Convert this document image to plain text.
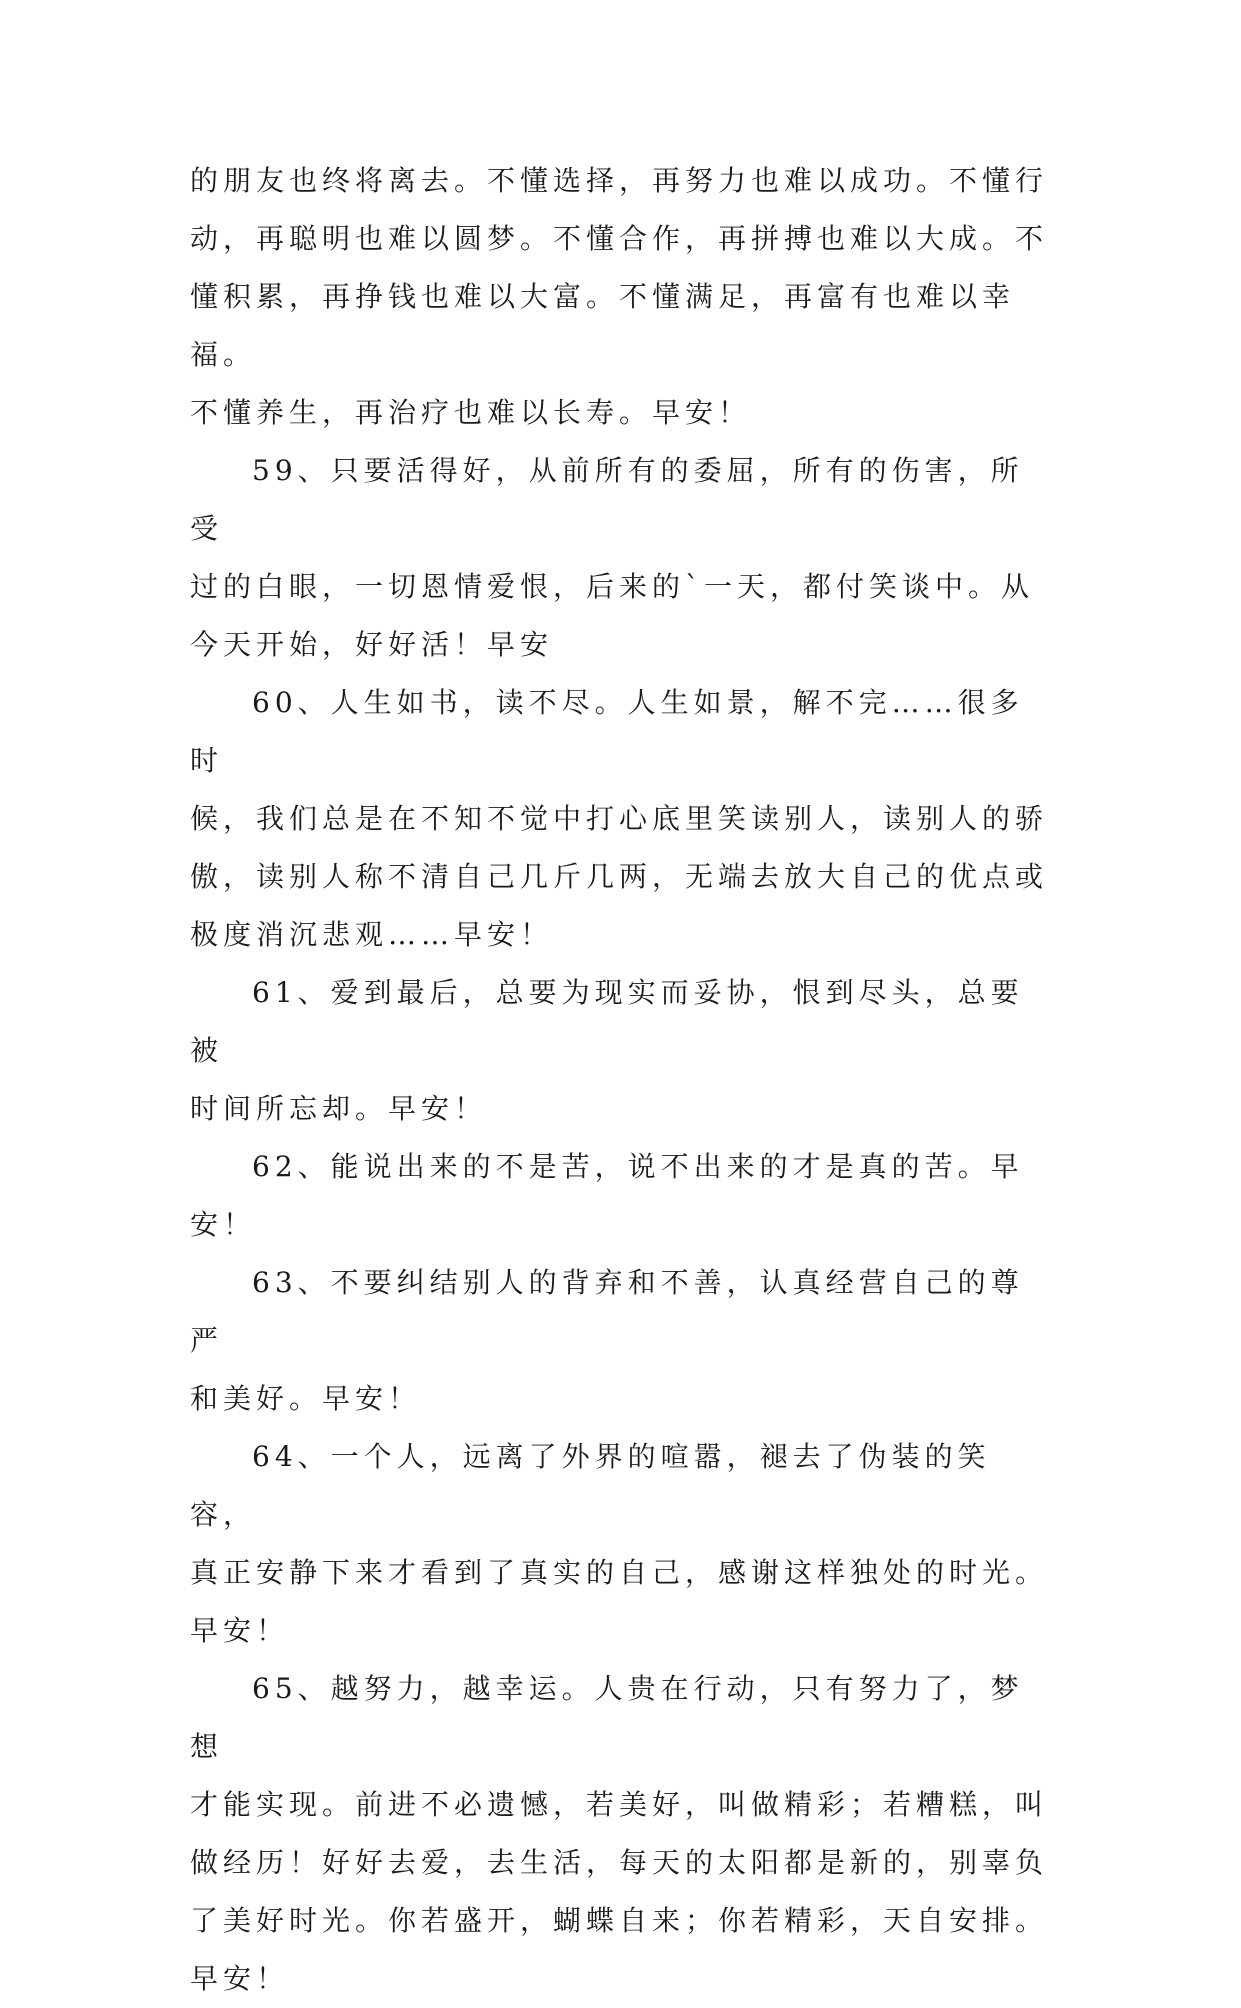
的朋友也终将离去。不懂选择，再努力也难以成功。不懂行
动，再聪明也难以圆梦。不懂合作，再拼搏也难以大成。不
懂积累，再挣钱也难以大富。不懂满足，再富有也难以幸福。
不懂养生，再治疗也难以长寿。早安！
59、只要活得好，从前所有的委屈，所有的伤害，所受
过的白眼，一切恩情爱恨，后来的`一天，都付笑谈中。从
今天开始，好好活！早安
60、人生如书，读不尽。人生如景，解不完……很多时
候，我们总是在不知不觉中打心底里笑读别人，读别人的骄
傲，读别人称不清自己几斤几两，无端去放大自己的优点或
极度消沉悲观……早安！
61、爱到最后，总要为现实而妥协，恨到尽头，总要被
时间所忘却。早安！
62、能说出来的不是苦，说不出来的才是真的苦。早安！
63、不要纠结别人的背弃和不善，认真经营自己的尊严
和美好。早安！
64、一个人，远离了外界的喧嚣，褪去了伪装的笑容，
真正安静下来才看到了真实的自己，感谢这样独处的时光。
早安！
65、越努力，越幸运。人贵在行动，只有努力了，梦想
才能实现。前进不必遗憾，若美好，叫做精彩；若糟糕，叫
做经历！好好去爱，去生活，每天的太阳都是新的，别辜负
了美好时光。你若盛开，蝴蝶自来；你若精彩，天自安排。
早安！
